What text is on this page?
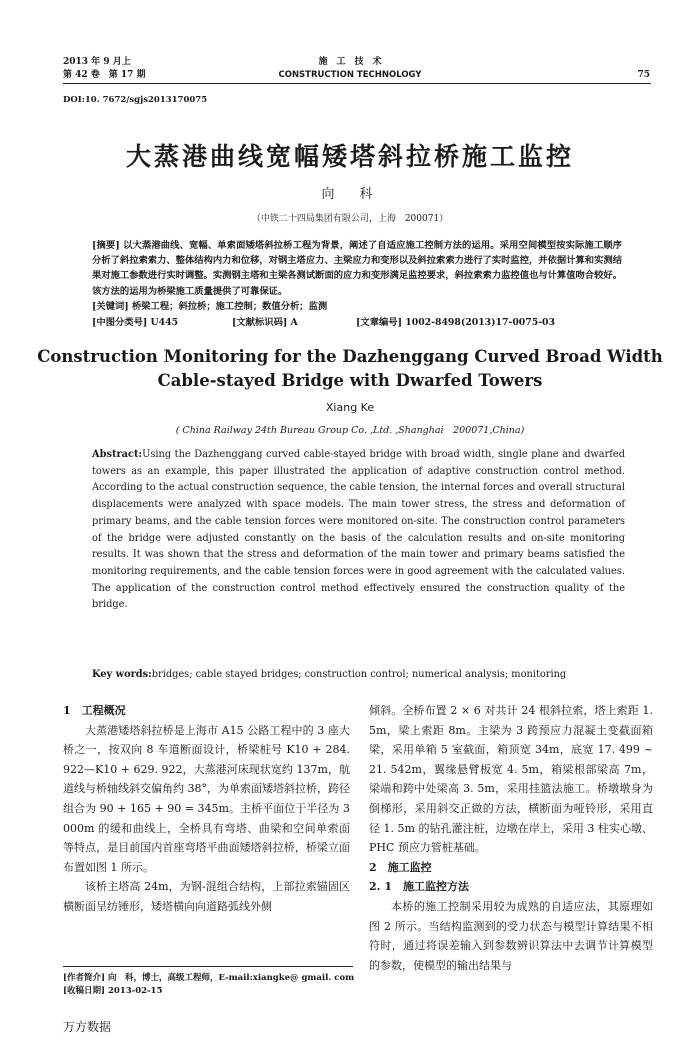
2013 年 9 月上
第 42 卷　第 17 期
施　工　技　术
CONSTRUCTION TECHNOLOGY	75
DOI:10. 7672/sgjs2013170075
大蒸港曲线宽幅矮塔斜拉桥施工监控
向　科
（中铁二十四局集团有限公司，上海　200071）
[摘要] 以大蒸港曲线、宽幅、单索面矮塔斜拉桥工程为背景，阐述了自适应施工控制方法的运用。采用空间模型按实际施工顺序分析了斜拉索索力、整体结构内力和位移，对钢主塔应力、主梁应力和变形以及斜拉索索力进行了实时监控，并依据计算和实测结果对施工参数进行实时调整。实测钢主塔和主梁各测试断面的应力和变形满足监控要求，斜拉索索力监控值也与计算值吻合较好。该方法的运用为桥梁施工质量提供了可靠保证。
[关键词] 桥梁工程；斜拉桥；施工控制；数值分析；监测
[中图分类号] U445	[文献标识码] A	[文章编号] 1002-8498(2013)17-0075-03
Construction Monitoring for the Dazhenggang Curved Broad Width
Cable-stayed Bridge with Dwarfed Towers
Xiang Ke
( China Railway 24th Bureau Group Co. ,Ltd. ,Shanghai　200071,China)
Abstract:Using the Dazhenggang curved cable-stayed bridge with broad width, single plane and dwarfed towers as an example, this paper illustrated the application of adaptive construction control method. According to the actual construction sequence, the cable tension, the internal forces and overall structural displacements were analyzed with space models. The main tower stress, the stress and deformation of primary beams, and the cable tension forces were monitored on-site. The construction control parameters of the bridge were adjusted constantly on the basis of the calculation results and on-site monitoring results. It was shown that the stress and deformation of the main tower and primary beams satisfied the monitoring requirements, and the cable tension forces were in good agreement with the calculated values. The application of the construction control method effectively ensured the construction quality of the bridge.
Key words:bridges; cable stayed bridges; construction control; numerical analysis; monitoring
1　工程概况
大蒸港矮塔斜拉桥是上海市 A15 公路工程中的 3 座大桥之一，按双向 8 车道断面设计，桥梁桩号 K10 + 284. 922—K10 + 629. 922，大蒸港河床现状宽约 137m，航道线与桥轴线斜交偏角约 38°，为单索面矮塔斜拉桥，跨径组合为 90 + 165 + 90 = 345m。主桥平面位于半径为 3 000m 的缓和曲线上，全桥具有弯塔、曲梁和空间单索面等特点，是目前国内首座弯塔平曲面矮塔斜拉桥，桥梁立面布置如图 1 所示。
该桥主塔高 24m，为钢-混组合结构，上部拉索锚固区横断面呈纺锤形，矮塔横向向道路弧线外侧
[作者简介] 向　科，博士，高级工程师，E-mail:xiangke@ gmail. com
[收稿日期] 2013-02-15
倾斜。全桥布置 2 × 6 对共计 24 根斜拉索，塔上索距 1. 5m，梁上索距 8m。主梁为 3 跨预应力混凝土变截面箱梁，采用单箱 5 室截面，箱顶宽 34m，底宽 17. 499 ~ 21. 542m，翼缘悬臂板宽 4. 5m，箱梁根部梁高 7m，梁端和跨中处梁高 3. 5m，采用挂篮法施工。桥墩墩身为倒梯形，采用斜交正做的方法，横断面为哑铃形，采用直径 1. 5m 的钻孔灌注桩，边墩在岸上，采用 3 柱实心墩、PHC 预应力管桩基础。
2　施工监控
2. 1　施工监控方法
本桥的施工控制采用较为成熟的自适应法，其原理如图 2 所示。当结构监测到的受力状态与模型计算结果不相符时，通过将误差输入到参数辨识算法中去调节计算模型的参数，使模型的输出结果与
万方数据
